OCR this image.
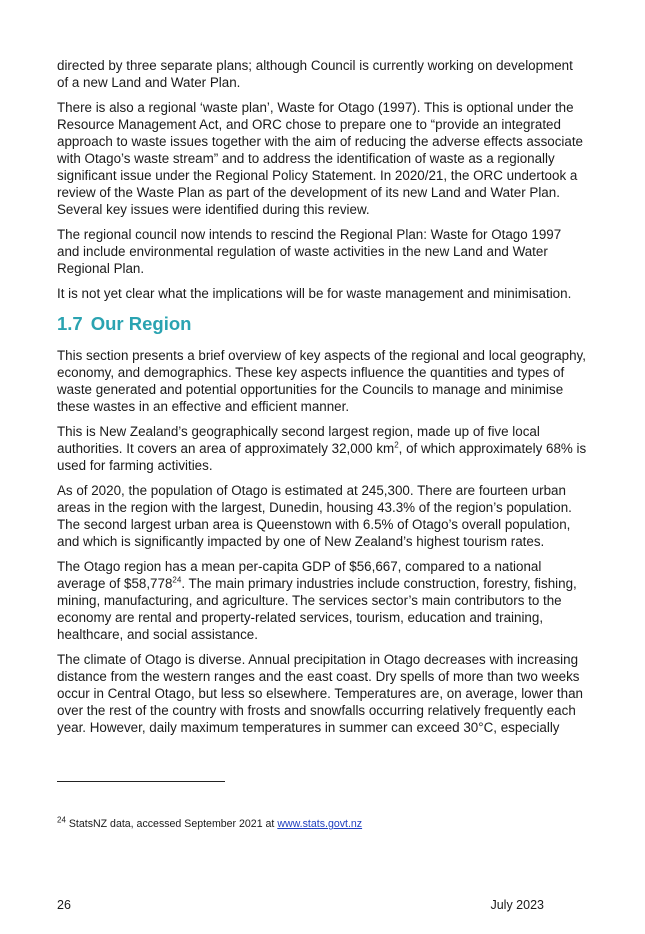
directed by three separate plans; although Council is currently working on development of a new Land and Water Plan.

There is also a regional ‘waste plan’, Waste for Otago (1997). This is optional under the Resource Management Act, and ORC chose to prepare one to “provide an integrated approach to waste issues together with the aim of reducing the adverse effects associate with Otago’s waste stream” and to address the identification of waste as a regionally significant issue under the Regional Policy Statement. In 2020/21, the ORC undertook a review of the Waste Plan as part of the development of its new Land and Water Plan. Several key issues were identified during this review.

The regional council now intends to rescind the Regional Plan: Waste for Otago 1997 and include environmental regulation of waste activities in the new Land and Water Regional Plan.

It is not yet clear what the implications will be for waste management and minimisation.

1.7 Our Region

This section presents a brief overview of key aspects of the regional and local geography, economy, and demographics. These key aspects influence the quantities and types of waste generated and potential opportunities for the Councils to manage and minimise these wastes in an effective and efficient manner.

This is New Zealand’s geographically second largest region, made up of five local authorities. It covers an area of approximately 32,000 $km^2$, of which approximately 68% is used for farming activities.

As of 2020, the population of Otago is estimated at 245,300. There are fourteen urban areas in the region with the largest, Dunedin, housing 43.3% of the region’s population. The second largest urban area is Queenstown with 6.5% of Otago’s overall population, and which is significantly impacted by one of New Zealand’s highest tourism rates.

The Otago region has a mean per-capita GDP of $56,667, compared to a national average of $58,778$^{24}$. The main primary industries include construction, forestry, fishing, mining, manufacturing, and agriculture. The services sector’s main contributors to the economy are rental and property-related services, tourism, education and training, healthcare, and social assistance.

The climate of Otago is diverse. Annual precipitation in Otago decreases with increasing distance from the western ranges and the east coast. Dry spells of more than two weeks occur in Central Otago, but less so elsewhere. Temperatures are, on average, lower than over the rest of the country with frosts and snowfalls occurring relatively frequently each year. However, daily maximum temperatures in summer can exceed 30°C, especially

$^{24}$ StatsNZ data, accessed September 2021 at www.stats.govt.nz
26	July 2023
